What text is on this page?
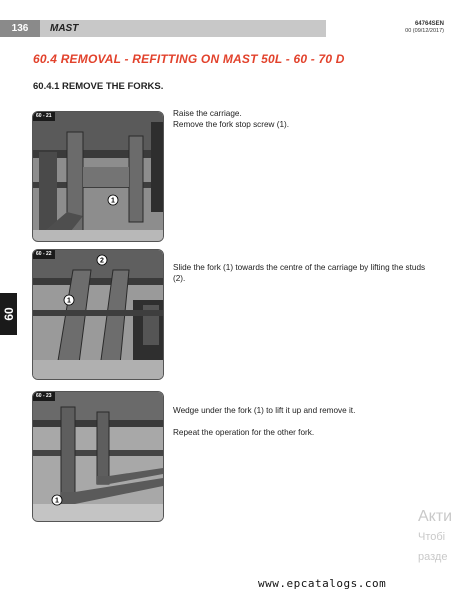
136	MAST	64764SEN
00 (09/12/2017)
60.4 REMOVAL - REFITTING ON MAST 50L - 60 - 70 D
60.4.1 REMOVE THE FORKS.
60
60 - 21
1
Raise the carriage.
Remove the fork stop screw (1).
60 - 22
1
2
Slide the fork (1) towards the centre of the carriage by lifting the studs (2).
60 - 23
1

Wedge under the fork (1) to lift it up and remove it.

Repeat the operation for the other fork.

Акти
Чтобі
разде
www.epcatalogs.com
